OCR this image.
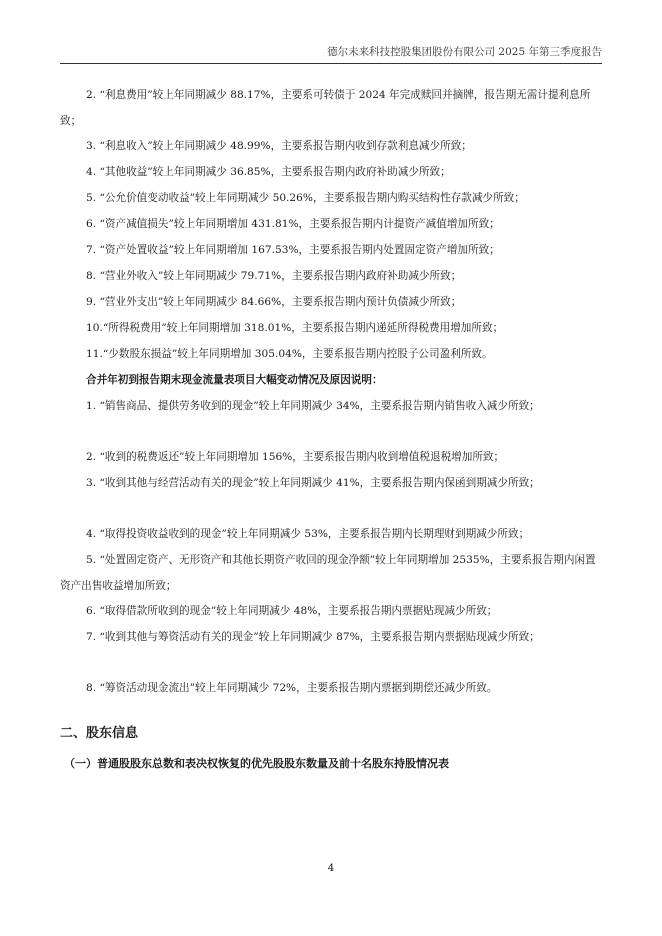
德尔未来科技控股集团股份有限公司 2025 年第三季度报告
2. “利息费用”较上年同期减少 88.17%，主要系可转债于 2024 年完成赎回并摘牌，报告期无需计提利息所致；
3. “利息收入”较上年同期减少 48.99%，主要系报告期内收到存款利息减少所致；
4. “其他收益”较上年同期减少 36.85%，主要系报告期内政府补助减少所致；
5. “公允价值变动收益”较上年同期减少 50.26%，主要系报告期内购买结构性存款减少所致；
6. “资产减值损失”较上年同期增加 431.81%，主要系报告期内计提资产减值增加所致；
7. “资产处置收益”较上年同期增加 167.53%，主要系报告期内处置固定资产增加所致；
8. “营业外收入”较上年同期减少 79.71%，主要系报告期内政府补助减少所致；
9. “营业外支出”较上年同期减少 84.66%，主要系报告期内预计负债减少所致；
10.“所得税费用”较上年同期增加 318.01%，主要系报告期内递延所得税费用增加所致；
11.“少数股东损益”较上年同期增加 305.04%，主要系报告期内控股子公司盈利所致。
合并年初到报告期末现金流量表项目大幅变动情况及原因说明：
1. “销售商品、提供劳务收到的现金”较上年同期减少 34%，主要系报告期内销售收入减少所致；
2. “收到的税费返还”较上年同期增加 156%，主要系报告期内收到增值税退税增加所致；
3. “收到其他与经营活动有关的现金”较上年同期减少 41%，主要系报告期内保函到期减少所致；
4. “取得投资收益收到的现金”较上年同期减少 53%，主要系报告期内长期理财到期减少所致；
5. “处置固定资产、无形资产和其他长期资产收回的现金净额”较上年同期增加 2535%，主要系报告期内闲置资产出售收益增加所致；
6. “取得借款所收到的现金”较上年同期减少 48%，主要系报告期内票据贴现减少所致；
7. “收到其他与筹资活动有关的现金”较上年同期减少 87%，主要系报告期内票据贴现减少所致；
8. “筹资活动现金流出”较上年同期减少 72%，主要系报告期内票据到期偿还减少所致。
二、股东信息
（一）普通股股东总数和表决权恢复的优先股股东数量及前十名股东持股情况表
4
